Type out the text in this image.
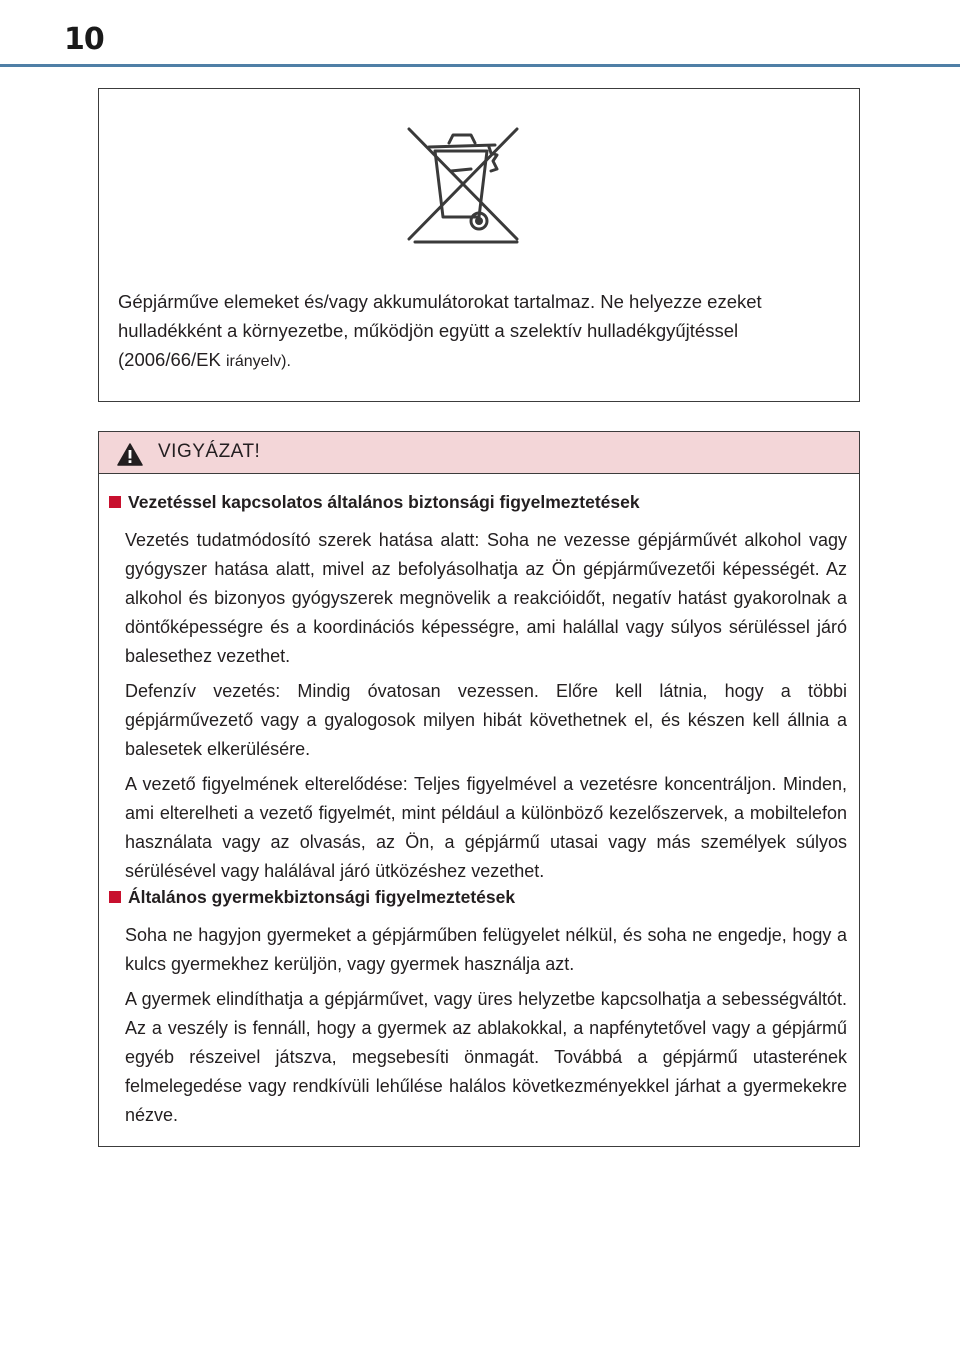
10
Gépjárműve elemeket és/vagy akkumulátorokat tartalmaz. Ne helyezze ezeket hulladékként a környezetbe, működjön együtt a szelektív hulladékgyűjtéssel (2006/66/EK irányelv).
VIGYÁZAT!
Vezetéssel kapcsolatos általános biztonsági figyelmeztetések
Vezetés tudatmódosító szerek hatása alatt: Soha ne vezesse gépjárművét alkohol vagy gyógyszer hatása alatt, mivel az befolyásolhatja az Ön gépjárművezetői képességét. Az alkohol és bizonyos gyógyszerek megnövelik a reakcióidőt, negatív hatást gyakorolnak a döntőképességre és a koordinációs képességre, ami halállal vagy súlyos sérüléssel járó balesethez vezethet.
Defenzív vezetés: Mindig óvatosan vezessen. Előre kell látnia, hogy a többi gépjárművezető vagy a gyalogosok milyen hibát követhetnek el, és készen kell állnia a balesetek elkerülésére.
A vezető figyelmének elterelődése: Teljes figyelmével a vezetésre koncentráljon. Minden, ami elterelheti a vezető figyelmét, mint például a különböző kezelőszervek, a mobiltelefon használata vagy az olvasás, az Ön, a gépjármű utasai vagy más személyek súlyos sérülésével vagy halálával járó ütközéshez vezethet.
Általános gyermekbiztonsági figyelmeztetések
Soha ne hagyjon gyermeket a gépjárműben felügyelet nélkül, és soha ne engedje, hogy a kulcs gyermekhez kerüljön, vagy gyermek használja azt.
A gyermek elindíthatja a gépjárművet, vagy üres helyzetbe kapcsolhatja a sebességváltót. Az a veszély is fennáll, hogy a gyermek az ablakokkal, a napfénytetővel vagy a gépjármű egyéb részeivel játszva, megsebesíti önmagát. Továbbá a gépjármű utasterének felmelegedése vagy rendkívüli lehűlése halálos következményekkel járhat a gyermekekre nézve.
